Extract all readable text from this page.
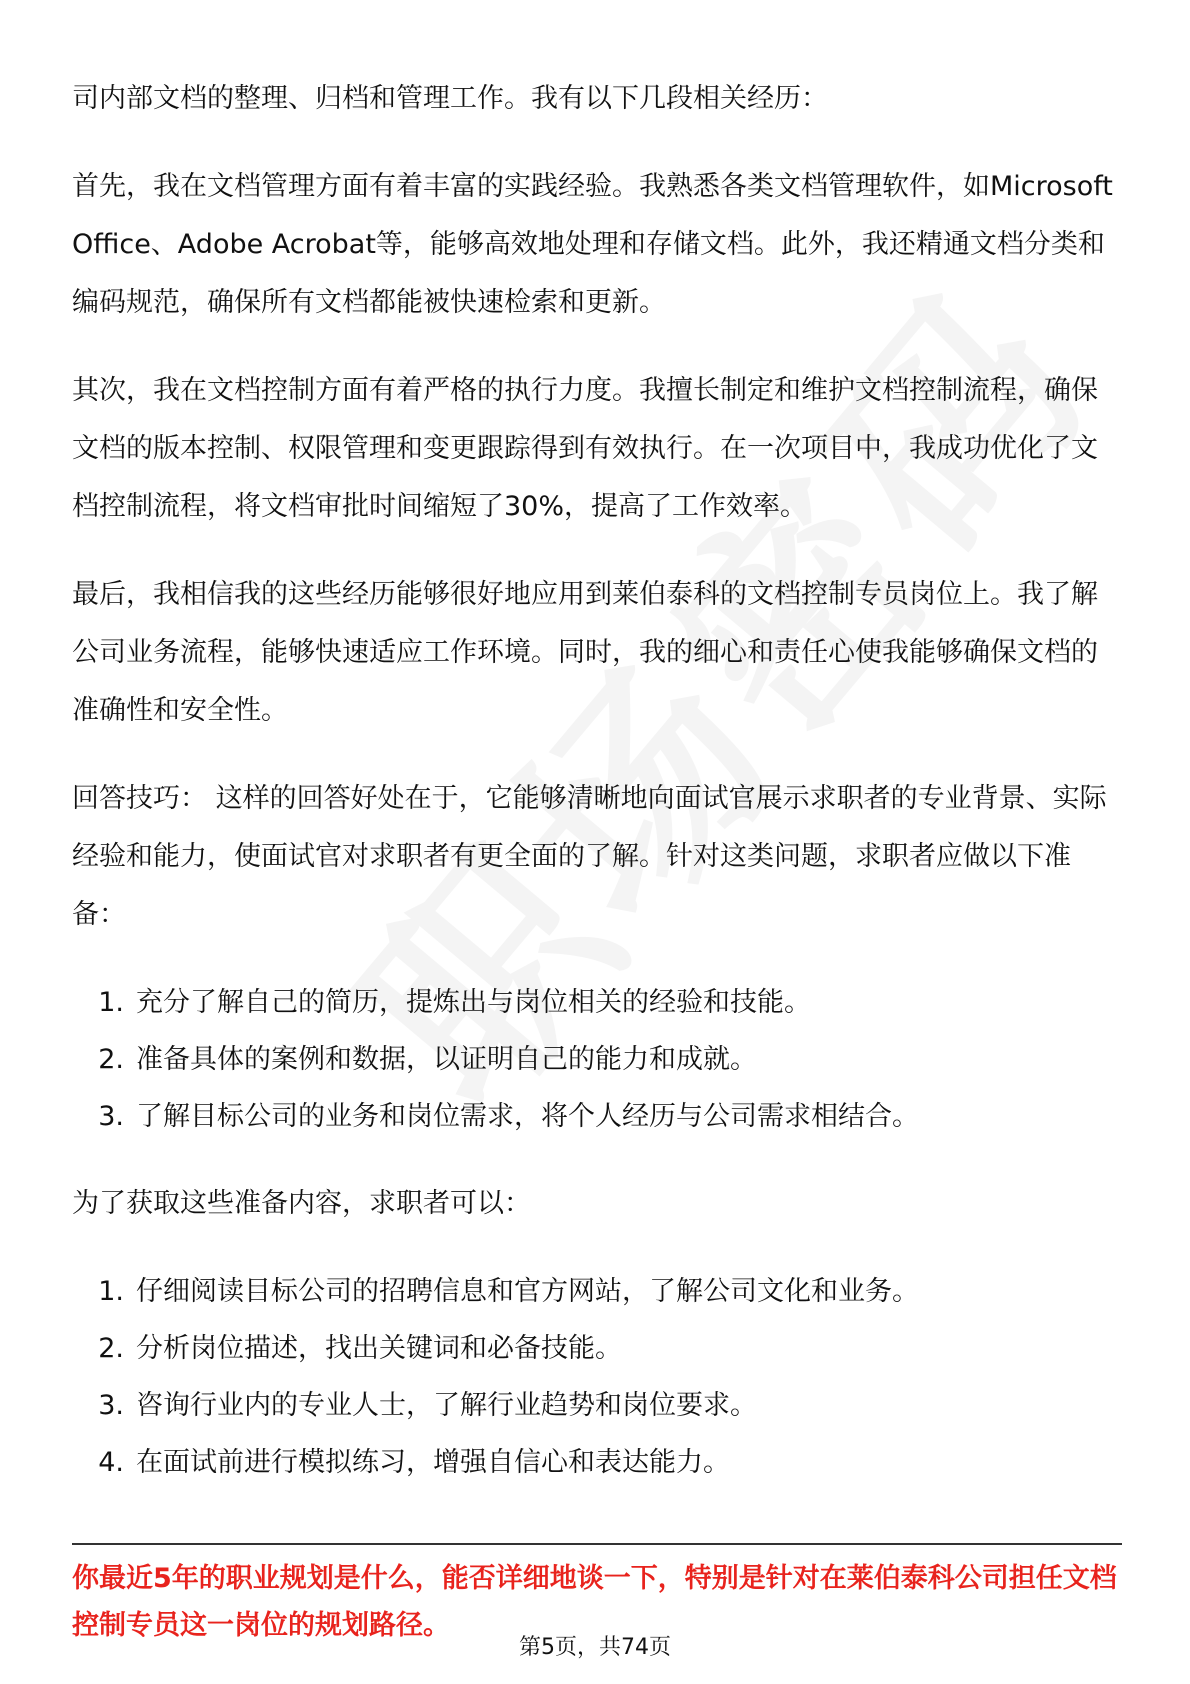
司内部文档的整理、归档和管理工作。我有以下几段相关经历：

首先，我在文档管理方面有着丰富的实践经验。我熟悉各类文档管理软件，如Microsoft Office、Adobe Acrobat等，能够高效地处理和存储文档。此外，我还精通文档分类和编码规范，确保所有文档都能被快速检索和更新。

其次，我在文档控制方面有着严格的执行力度。我擅长制定和维护文档控制流程，确保文档的版本控制、权限管理和变更跟踪得到有效执行。在一次项目中，我成功优化了文档控制流程，将文档审批时间缩短了30%，提高了工作效率。

最后，我相信我的这些经历能够很好地应用到莱伯泰科的文档控制专员岗位上。我了解公司业务流程，能够快速适应工作环境。同时，我的细心和责任心使我能够确保文档的准确性和安全性。

回答技巧： 这样的回答好处在于，它能够清晰地向面试官展示求职者的专业背景、实际经验和能力，使面试官对求职者有更全面的了解。针对这类问题，求职者应做以下准备：

1. 充分了解自己的简历，提炼出与岗位相关的经验和技能。
2. 准备具体的案例和数据，以证明自己的能力和成就。
3. 了解目标公司的业务和岗位需求，将个人经历与公司需求相结合。

为了获取这些准备内容，求职者可以：

1. 仔细阅读目标公司的招聘信息和官方网站，了解公司文化和业务。
2. 分析岗位描述，找出关键词和必备技能。
3. 咨询行业内的专业人士，了解行业趋势和岗位要求。
4. 在面试前进行模拟练习，增强自信心和表达能力。

你最近5年的职业规划是什么，能否详细地谈一下，特别是针对在莱伯泰科公司担任文档控制专员这一岗位的规划路径。

第5页，共74页
